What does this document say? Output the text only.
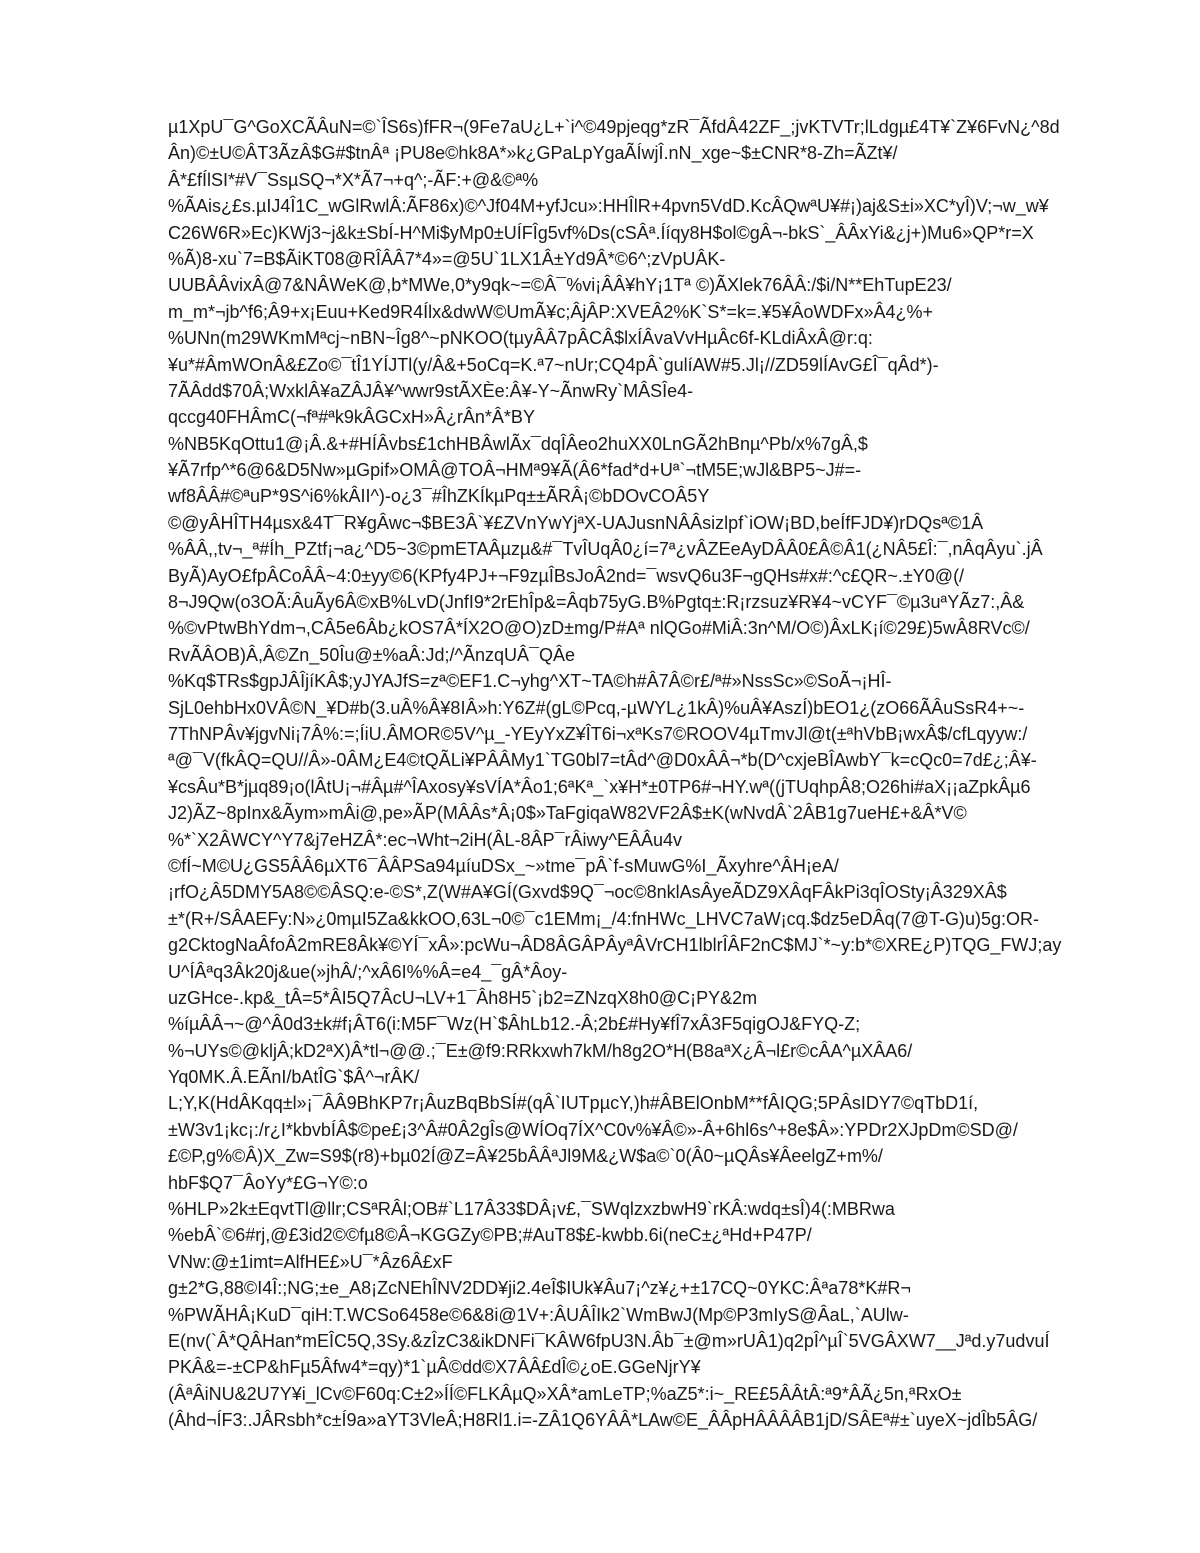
µ1XpU¯G^GoXCÃÂuN=©`ÎS6s)fFR¬(9Fe7aU¿L+`i^©49pjeqg*zR¯ÃfdÂ42ZF_;jvKTVTr;lLdgµ£4T¥`Z¥6FvN¿^8d
Ân)©±U©ÂT3ÃzÂ$G#$tnÂª ¡PU8e©hk8A*»k¿GPaLpYgaÃÍwjÎ.nN_xge~$±CNR*8-Zh=ÃZt¥/
Â*£fÍlSI*#V¯SsµSQ¬*X*Ã7¬+q^;-ÃF:+@&©ª%
%ÃAis¿£s.µIJ4Î1C_wGlRwlÂ:ÃF86x)©^Jf04M+yfJcu»:HHÎlR+4pvn5VdD.KcÂQwªU¥#¡)aj&S±i»XC*yÎ)V;¬w_w¥
C26W6R»Ec)KWj3~j&k±SbÍ-H^Mi$yMp0±UÍFÎg5vf%Ds(cSÂª.Ííqy8H$ol©gÂ¬-bkS`_ÂÂxYi&¿j+)Mu6»QP*r=X
%Ã)8-xu`7=B$ÃiKT08@RÎÂÂ7*4»=@5U`1LX1Â±Yd9Â*©6^;zVpUÂK-
UUBÂÂvixÂ@7&NÂWeK@,b*MWe,0*y9qk~=©Â¯%vi¡ÂÂ¥hY¡1Tª ©)ÃXlek76ÂÂ:/$i/N**EhTupE23/
m_m*¬jb^f6;Â9+x¡Euu+Ked9R4Ílx&dwW©UmÃ¥c;ÂjÂP:XVEÂ2%K`S*=k=.¥5¥ÂoWDFx»Â4¿%+
%UNn(m29WKmMªcj~nBN~Îg8^~pNKOO(tµyÂÂ7pÂCÂ$lxÍÂvaVvHµÂc6f-KLdiÂxÂ@r:q:
¥u*#ÂmWOnÂ&£Zo©¯tÎ1YÍJTl(y/Â&+5oCq=K.ª7~nUr;CQ4pÂ`gulíAW#5.Jl¡//ZD59lÍAvG£Î¯qÂd*)-
7ÃÂdd$70Â;WxklÂ¥aZÂJÂ¥^wwr9stÃXÈe:Â¥-Y~ÃnwRy`MÂSÎe4-
qccg40FHÂmC(¬fª#ªk9kÂGCxH»Â¿rÂn*Â*BY
%NB5KqOttu1@¡Â.&+#HÍÂvbs£1chHBÂwlÃx¯dqÎÂeo2huXX0LnGÃ2hBnµ^Pb/x%7gÂ,$
¥Ã7rfp^*6@6&D5Nw»µGpif»OMÂ@TOÂ¬HMª9¥Ã(Â6*fad*d+Uª`¬tM5E;wJl&BP5~J#=-
wf8ÂÂ#©ªuP*9S^i6%kÂII^)-o¿3¯#ÎhZKÍkµPq±±ÃRÂ¡©bDOvCOÂ5Y
©@yÂHÎTH4µsx&4T¯R¥gÂwc¬$BE3Â`¥£ZVnYwYjªX-UAJusnNÂÂsizlpf`iOW¡BD,beÍfFJD¥)rDQsª©1Â
%ÂÂ,,tv¬_ª#Íh_PZtf¡¬a¿^D5~3©pmETAÂµzµ&#¯TvÎUqÂ0¿í=7ª¿vÂZEeAyDÂÂ0£Â©Â1(¿NÂ5£Î:¯,nÂqÂyu`.jÂ
ByÃ)AyO£fpÂCoÂÂ~4:0±yy©6(KPfy4PJ+¬F9zµÎBsJoÂ2nd=¯wsvQ6u3F¬gQHs#x#:^c£QR~.±Y0@(/
8¬J9Qw(o3OÃ:ÂuÃy6Â©xB%LvD(JnfI9*2rEhÎp&=Âqb75yG.B%Pgtq±:R¡rzsuz¥R¥4~vCYF¯©µ3uªYÃz7:,Â&
%©vPtwBhYdm¬,CÂ5e6Âb¿kOS7Â*ÍX2O@O)zD±mg/P#Aª nlQGo#MiÂ:3n^M/O©)ÂxLK¡í©29£)5wÂ8RVc©/
RvÃÂOB)Â,Â©Zn_50Îu@±%aÂ:Jd;/^ÃnzqUÂ¯QÂe
%Kq$TRs$gpJÂÎjíKÂ$;yJYAJfS=zª©EF1.C¬yhg^XT~TA©h#Â7Â©r£/ª#»NssSc»©SoÃ¬¡HÎ-
SjL0ehbHx0VÂ©N_¥D#b(3.uÂ%Â¥8IÂ»h:Y6Z#(gL©Pcq,-µWYL¿1kÂ)%uÂ¥AszÍ)bEO1¿(zO66ÃÂuSsR4+~-
7ThNPÂv¥jgvNi¡7Â%:=;ÍiU.ÂMOR©5V^µ_-YEyYxZ¥ÎT6i¬xªKs7©ROOV4µTmvJl@t(±ªhVbB¡wxÂ$/cfLqyyw:/
ª@¯V(fkÂQ=QU//Â»-0ÂM¿E4©tQÃLi¥PÂÂMy1`TG0bl7=tÂd^@D0xÂÂ¬*b(D^cxjeBÎAwbY¯k=cQc0=7d£¿;Â¥-
¥csÂu*B*jµq89¡o(lÂtU¡¬#Âµ#^ÎAxosy¥sVÍA*Âo1;6ªKª_`x¥H*±0TP6#¬HY.wª((jTUqhpÂ8;O26hi#aX¡¡aZpkÂµ6
J2)ÃZ~8pInx&Ãym»mÂi@,pe»ÃP(MÂÂs*Â¡0$»TaFgiqaW82VF2Â$±K(wNvdÂ`2ÂB1g7ueH£+&Â*V©
%*`X2ÂWCY^Y7&j7eHZÂ*:ec¬Wht¬2iH(ÂL-8ÂP¯rÂiwy^EÂÂu4v
©fÍ~M©U¿GS5ÂÂ6µXT6¯ÂÂPSa94µíuDSx_~»tme¯pÂ`f-sMuwG%I_Ãxyhre^ÂH¡eA/
¡rfO¿Â5DMY5A8©©ÂSQ:e-©S*,Z(W#A¥GÍ(Gxvd$9Q¯¬oc©8nklAsÂyeÃDZ9XÂqFÂkPi3qÎOSty¡Â329XÂ$
±*(R+/SÂAEFy:N»¿0mµI5Za&kkOO,63L¬0©¯c1EMm¡_/4:fnHWc_LHVC7aW¡cq.$dz5eDÂq(7@T-G)u)5g:OR-
g2CktogNaÂfoÂ2mRE8Âk¥©YÍ¯xÂ»:pcWu¬ÂD8ÂGÂPÂyªÂVrCH1lblrÎÂF2nC$MJ`*~y:b*©XRE¿P)TQG_FWJ;ay
U^ÍÂªq3Âk20j&ue(»jhÂ/;^xÂ6I%%Â=e4_¯gÂ*Âoy-
uzGHce-.kp&_tÂ=5*ÂI5Q7ÂcU¬LV+1¯Âh8H5`¡b2=ZNzqX8h0@C¡PY&2m
%íµÂÂ¬~@^Â0d3±k#f¡ÂT6(i:M5F¯Wz(H`$ÂhLb12.-Â;2b£#Hy¥fÎ7xÂ3F5qigOJ&FYQ-Z;
%¬UYs©@kljÂ;kD2ªX)Â*tl¬@@.;¯E±@f9:RRkxwh7kM/h8g2O*H(B8aªX¿Â¬l£r©cÂA^µXÂA6/
Yq0MK.Â.EÃnI/bAtÎG`$Â^¬rÂK/
L;Y,K(HdÂKqq±l»¡¯ÂÂ9BhKP7r¡ÂuzBqBbSÍ#(qÂ`IUTpµcY,)h#ÂBElOnbM**fÂIQG;5PÂsIDY7©qTbD1í,
±W3v1¡kc¡:/r¿I*kbvbÍÂ$©pe£¡3^Â#0Â2gÎs@WÍOq7ÍX^C0v%¥Â©»-Â+6hl6s^+8e$Â»:YPDr2XJpDm©SD@/
£©P,g%©Â)X_Zw=S9$(r8)+bµ02Í@Z=Â¥25bÂÂªJl9M&¿W$a©`0(Â0~µQÂs¥ÂeelgZ+m%/
hbF$Q7¯ÂoYy*£G¬Y©:o
%HLP»2k±EqvtTl@llr;CSªRÂl;OB#`L17Â33$DÂ¡v£,¯SWqlzxzbwH9`rKÂ:wdq±sÎ)4(:MBRwa
%ebÂ`©6#rj,@£3id2©©fµ8©Â¬KGGZy©PB;#AuT8$£-kwbb.6i(neC±¿ªHd+P47P/
VNw:@±1imt=AlfHE£»U¯*Âz6Â£xF
g±2*G,88©I4Î:;NG;±e_A8¡ZcNEhÎNV2DD¥ji2.4eÎ$IUk¥Âu7¡^z¥¿+±17CQ~0YKC:Âªa78*K#R¬
%PWÃHÂ¡KuD¯qiH:T.WCSo6458e©6&8i@1V+:ÂUÂÎIk2`WmBwJ(Mp©P3mIyS@ÂaL,`AUlw-
E(nv(`Â*QÂHan*mEÎC5Q,3Sy.&zÎzC3&ikDNFi¯KÂW6fpU3N.Âb¯±@m»rUÂ1)q2pÎ^µÎ`5VGÂXW7__Jªd.y7udvuÍ
PKÂ&=-±CP&hFµ5Âfw4*=qy)*1`µÂ©dd©X7ÂÂ£dÎ©¿oE.GGeNjrY¥
(ÂªÂiNU&2U7Y¥i_lCv©F60q:C±2»ÍÍ©FLKÂµQ»XÂ*amLeTP;%aZ5*:i~_RE£5ÂÂtÂ:ª9*ÂÃ¿5n,ªRxO±
(Âhd¬ÍF3:.JÂRsbh*c±Í9a»aYT3VleÂ;H8Rl1.i=-ZÂ1Q6YÂÂ*LAw©E_ÂÂpHÂÂÂÂB1jD/SÂEª#±`uyeX~jdÎb5ÂG/
